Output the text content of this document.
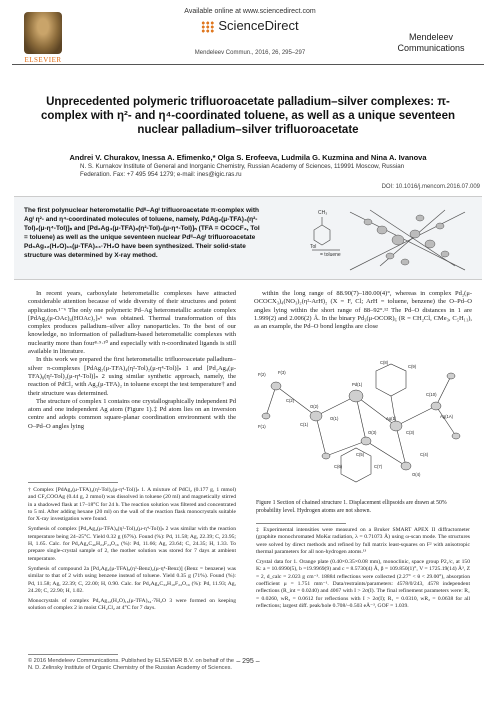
ELSEVIER
Available online at www.sciencedirect.com
ScienceDirect
Mendeleev Commun., 2016, 26, 295–297
Mendeleev
Communications
Unprecedented polymeric trifluoroacetate palladium–silver complexes: π-complex with η²- and η⁴-coordinated toluene, as well as a unique seventeen nuclear palladium–silver trifluoroacetate
Andrei V. Churakov, Inessa A. Efimenko,* Olga S. Erofeeva, Ludmila G. Kuzmina and Nina A. Ivanova
N. S. Kurnakov Institute of General and Inorganic Chemistry, Russian Academy of Sciences, 119991 Moscow, Russian Federation. Fax: +7 495 954 1279; e-mail: ines@igic.ras.ru
DOI: 10.1016/j.mencom.2016.07.009
The first polynuclear heterometallic Pdᴵᴵ–Agᴵ trifluoroacetate π-complex with Agᴵ η²- and η⁴-coordinated molecules of toluene, namely, PdAg₂(μ-TFA)₄(η²-Tol)₂(μ-η⁴-Tol)]ₙ and [Pd₂Ag₄(μ-TFA)₈(η²-Tol)₂(μ-η⁴-Tol)]ₙ (TFA = OCOCF₃, Tol = toluene) as well as the unique seventeen nuclear Pdᴵᴵ–Agᴵ trifluoroacetate Pd₅Ag₁₂(H₂O)₁₆(μ-TFA)₃₄·7H₂O have been synthesized. Their solid-state structure was determined by X-ray method.
CH₃
Tol
= toluene

In recent years, carboxylate heterometallic complexes have attracted considerable attention because of wide diversity of their structures and potent application.¹⁻⁶ The only one polymeric Pd–Ag heterometallic acetate complex [PdAg₂(μ-OAc)₄(HOAc)₂]ₙ⁶ was obtained. Thermal transformation of this complex produces palladium–silver alloy nanoparticles. To the best of our knowledge, no information of palladium-based heterometallic complexes with nuclearity more than four⁸·⁹·¹⁰ and especially with π-coordinated ligands is still available in literature.

In this work we prepared the first heterometallic trifluoroacetate palladium–silver π-complexes [PdAg₂(μ-TFA)₄(η²-Tol)₂(μ-η⁴-Tol)]ₙ 1 and [Pd₂Ag₄(μ-TFA)₈(η²-Tol)₂(μ-η⁴-Tol)]ₙ 2 using similar synthetic approach, namely, the reaction of PdCl₂ with Ag₂(μ-TFA)₂ in toluene except the test temperature† and their structure was determined.

The structure of complex 1 contains one crystallographically independent Pd atom and one independent Ag atom (Figure 1).‡ Pd atom lies on an inversion centre and adopts common square-planar coordination environment with the O–Pd–O angles lying

† Complex [PdAg₂(μ-TFA)₄(η²-Tol)₂(μ-η⁴-Tol)]ₙ 1. A mixture of PdCl₂ (0.177 g, 1 mmol) and CF₃COOAg (0.44 g, 2 mmol) was dissolved in toluene (20 ml) and magnetically stirred in a shadowed flask at 17–18°C for 24 h. The reaction solution was filtered and concentrated to 5 ml. After adding hexane (20 ml) on the wall of the reaction flask monocrystals suitable for X-ray investigation were found.

Synthesis of complex [Pd₂Ag₄(μ-TFA)₈(η²-Tol)₂(μ-η⁴-Tol)]ₙ 2 was similar with the reaction temperature being 24–25°C. Yield 0.32 g (67%). Found (%): Pd, 11.58; Ag, 22.39; C, 23.95; H, 1.65. Calc. for Pd₂Ag₄C₄₆H₂₄F₂₄O₁₆ (%): Pd, 11.66; Ag, 23.64; C, 24.35; H, 1.33. To prepare single-crystal sample of 2, the mother solution was stored for 7 days at ambient temperature.

Synthesis of compound 2a [Pd₂Ag₄(μ-TFA)₈(η²-Benz)₂(μ-η⁴-Benz)] (Benz = benzene) was similar to that of 2 with using benzene instead of toluene. Yield 0.35 g (71%). Found (%): Pd, 11.58; Ag, 22.39; C, 22.00; H, 0.90. Calc. for Pd₂Ag₄C₃₄H₁₈F₂₄O₁₆ (%): Pd, 11.93; Ag, 24.20; C, 22.90; H, 1.02.

Monocrystals of complex Pd₅Ag₁₂(H₂O)₁₆(μ-TFA)₃₄·7H₂O 3 were formed on keeping solution of complex 2 in moist CH₂Cl₂ at 4°C for 7 days.

within the long range of 88.90(7)–180.00(4)°, whereas in complex Pd₂(μ-OCOCX₃)₄(NO₃)₂(η²-ArH)₂ (X = F, Cl; ArH = toluene, benzene) the O–Pd–O angles lying within the short range of 88–92°.¹² The Pd–O distances in 1 are 1.999(2) and 2.006(2) Å. In the binary Pd₃(μ-OCOR)₆ (R = CH₂Cl, CMe₃, C₅H₁₁), as an example, the Pd–O bond lengths are close

F(2)	F(3)
C(2)
O(2)
C(1)
O(1)
Pd(1)
Ag(1)
C(3)
C(4)
C(5)
C(6)	C(7)
C(8)
C(9)
C(10)
F(1)
O(3)
O(4)
Ag(1A)
Figure 1 Section of chained structure 1. Displacement ellipsoids are drawn at 50% probability level. Hydrogen atoms are not shown.

‡ Experimental intensities were measured on a Bruker SMART APEX II diffractometer (graphite monochromated MoKα radiation, λ = 0.71073 Å) using ω-scan mode. The structures were solved by direct methods and refined by full matrix least-squares on F² with anisotropic thermal parameters for all non-hydrogen atoms.¹³

Crystal data for 1. Orange plate (0.40×0.35×0.08 mm), monoclinic, space group P2₁/c, at 150 K: a = 10.6990(5), b =19.9969(9) and c = 8.5730(4) Å, β = 109.850(1)°, V = 1725.19(14) Å³, Z = 2, d_calc = 2.023 g cm⁻³. 18884 reflections were collected (2.27° < θ < 29.00°), absorption coefficient μ = 1.751 mm⁻¹. Data/restraints/parameters: 4578/0/243, 4578 independent reflections (R_int = 0.0240) and 4067 with I > 2σ(I). The final refinement parameters were: R₁ = 0.0260, wR₂ = 0.0612 for reflections with I > 2σ(I); R₁ = 0.0310, wR₂ = 0.0638 for all reflections; largest diff. peak/hole 0.708/–0.503 eÅ⁻³, GOF = 1.039.

© 2016 Mendeleev Communications. Published by ELSEVIER B.V. on behalf of the N. D. Zelinsky Institute of Organic Chemistry of the Russian Academy of Sciences.
– 295 –
